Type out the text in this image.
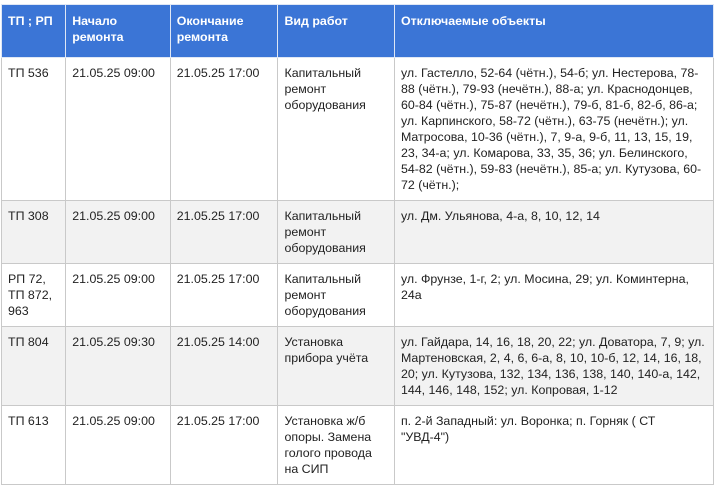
ТП ; РП	Начало ремонта	Окончание ремонта	Вид работ	Отключаемые объекты
ТП 536	21.05.25 09:00	21.05.25 17:00	Капитальный ремонт оборудования	ул. Гастелло, 52-64 (чётн.), 54-б; ул. Нестерова, 78-88 (чётн.), 79-93 (нечётн.), 88-а; ул. Краснодонцев, 60-84 (чётн.), 75-87 (нечётн.), 79-б, 81-б, 82-б, 86-а; ул. Карпинского, 58-72 (чётн.), 63-75 (нечётн.); ул. Матросова, 10-36 (чётн.), 7, 9-а, 9-б, 11, 13, 15, 19, 23, 34-а; ул. Комарова, 33, 35, 36; ул. Белинского, 54-82 (чётн.), 59-83 (нечётн.), 85-а; ул. Кутузова, 60-72 (чётн.);
ТП 308	21.05.25 09:00	21.05.25 17:00	Капитальный ремонт оборудования	ул. Дм. Ульянова, 4-а, 8, 10, 12, 14
РП 72, ТП 872, 963	21.05.25 09:00	21.05.25 17:00	Капитальный ремонт оборудования	ул. Фрунзе, 1-г, 2; ул. Мосина, 29; ул. Коминтерна, 24а
ТП 804	21.05.25 09:30	21.05.25 14:00	Установка прибора учёта	ул. Гайдара, 14, 16, 18, 20, 22; ул. Доватора, 7, 9; ул. Мартеновская, 2, 4, 6, 6-а, 8, 10, 10-б, 12, 14, 16, 18, 20; ул. Кутузова, 132, 134, 136, 138, 140, 140-а, 142, 144, 146, 148, 152; ул. Копровая, 1-12
ТП 613	21.05.25 09:00	21.05.25 17:00	Установка ж/б опоры. Замена голого провода на СИП	п. 2-й Западный: ул. Воронка; п. Горняк ( СТ "УВД-4")
